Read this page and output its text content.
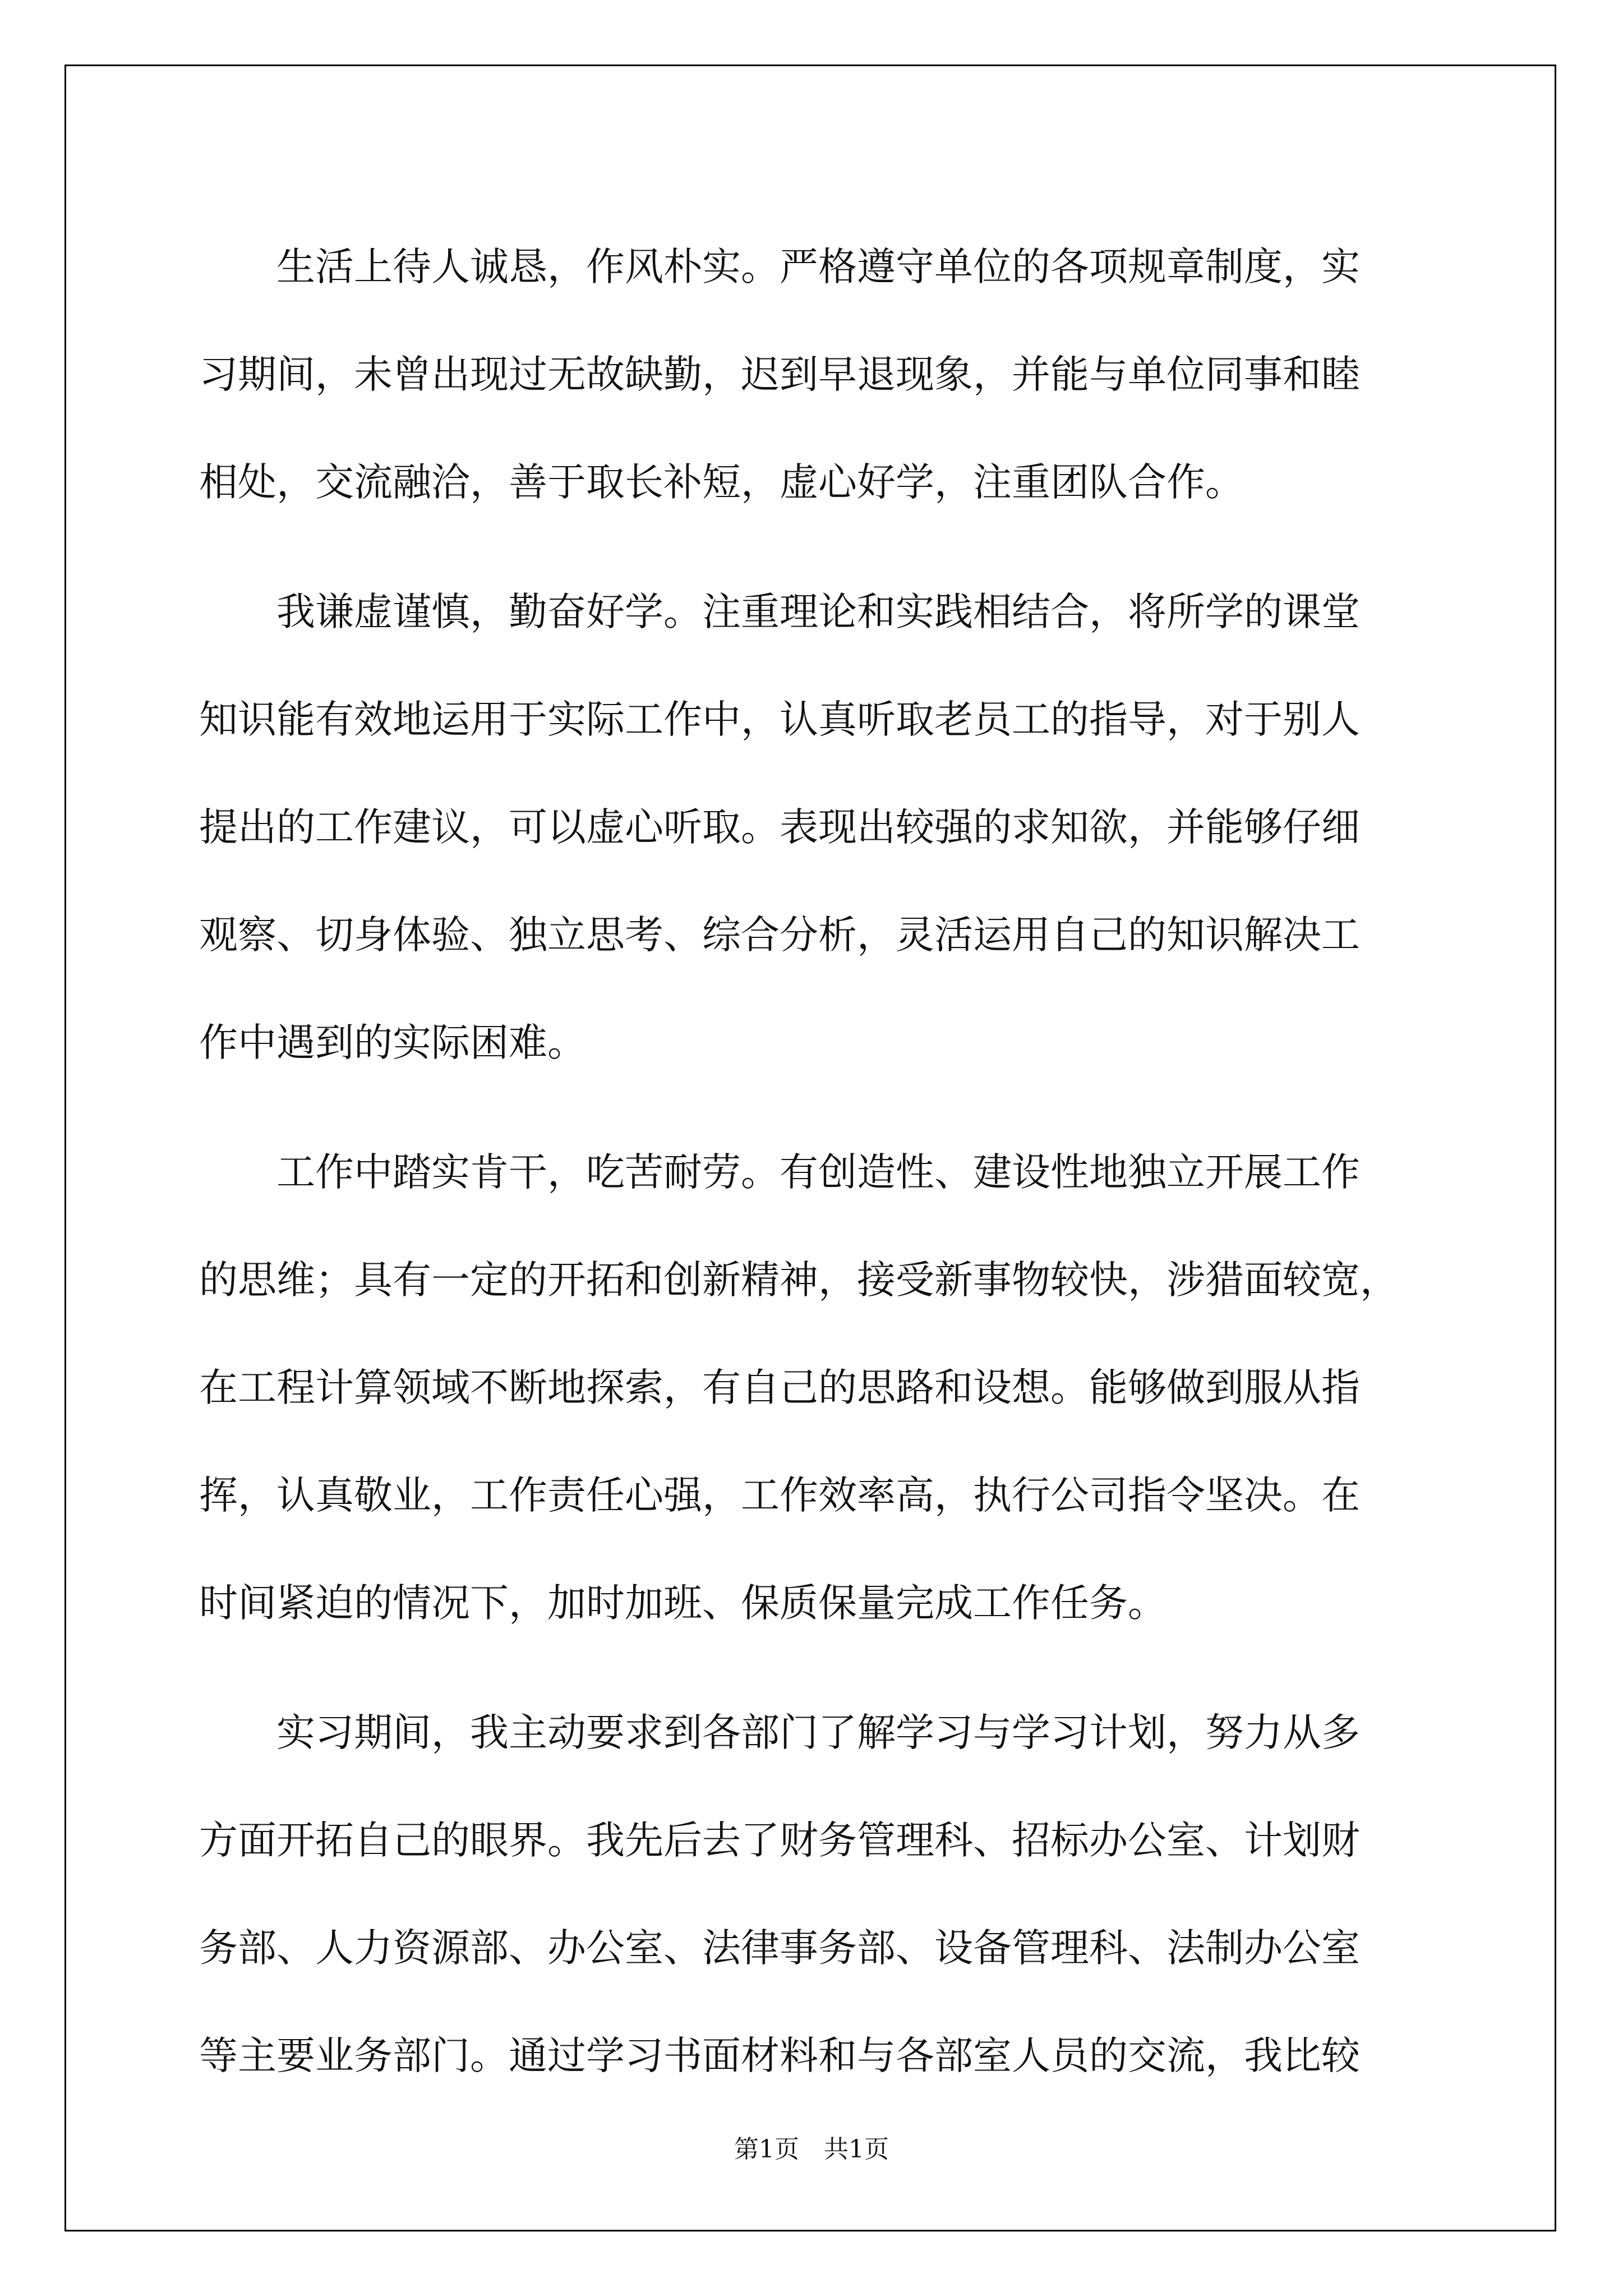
　　生活上待人诚恳，作风朴实。严格遵守单位的各项规章制度，实
习期间，未曾出现过无故缺勤，迟到早退现象，并能与单位同事和睦
相处，交流融洽，善于取长补短，虚心好学，注重团队合作。
　　我谦虚谨慎，勤奋好学。注重理论和实践相结合，将所学的课堂
知识能有效地运用于实际工作中，认真听取老员工的指导，对于别人
提出的工作建议，可以虚心听取。表现出较强的求知欲，并能够仔细
观察、切身体验、独立思考、综合分析，灵活运用自己的知识解决工
作中遇到的实际困难。
　　工作中踏实肯干，吃苦耐劳。有创造性、建设性地独立开展工作
的思维；具有一定的开拓和创新精神，接受新事物较快，涉猎面较宽，
在工程计算领域不断地探索，有自己的思路和设想。能够做到服从指
挥，认真敬业，工作责任心强，工作效率高，执行公司指令坚决。在
时间紧迫的情况下，加时加班、保质保量完成工作任务。
　　实习期间，我主动要求到各部门了解学习与学习计划，努力从多
方面开拓自己的眼界。我先后去了财务管理科、招标办公室、计划财
务部、人力资源部、办公室、法律事务部、设备管理科、法制办公室
等主要业务部门。通过学习书面材料和与各部室人员的交流，我比较
第1页　共1页
